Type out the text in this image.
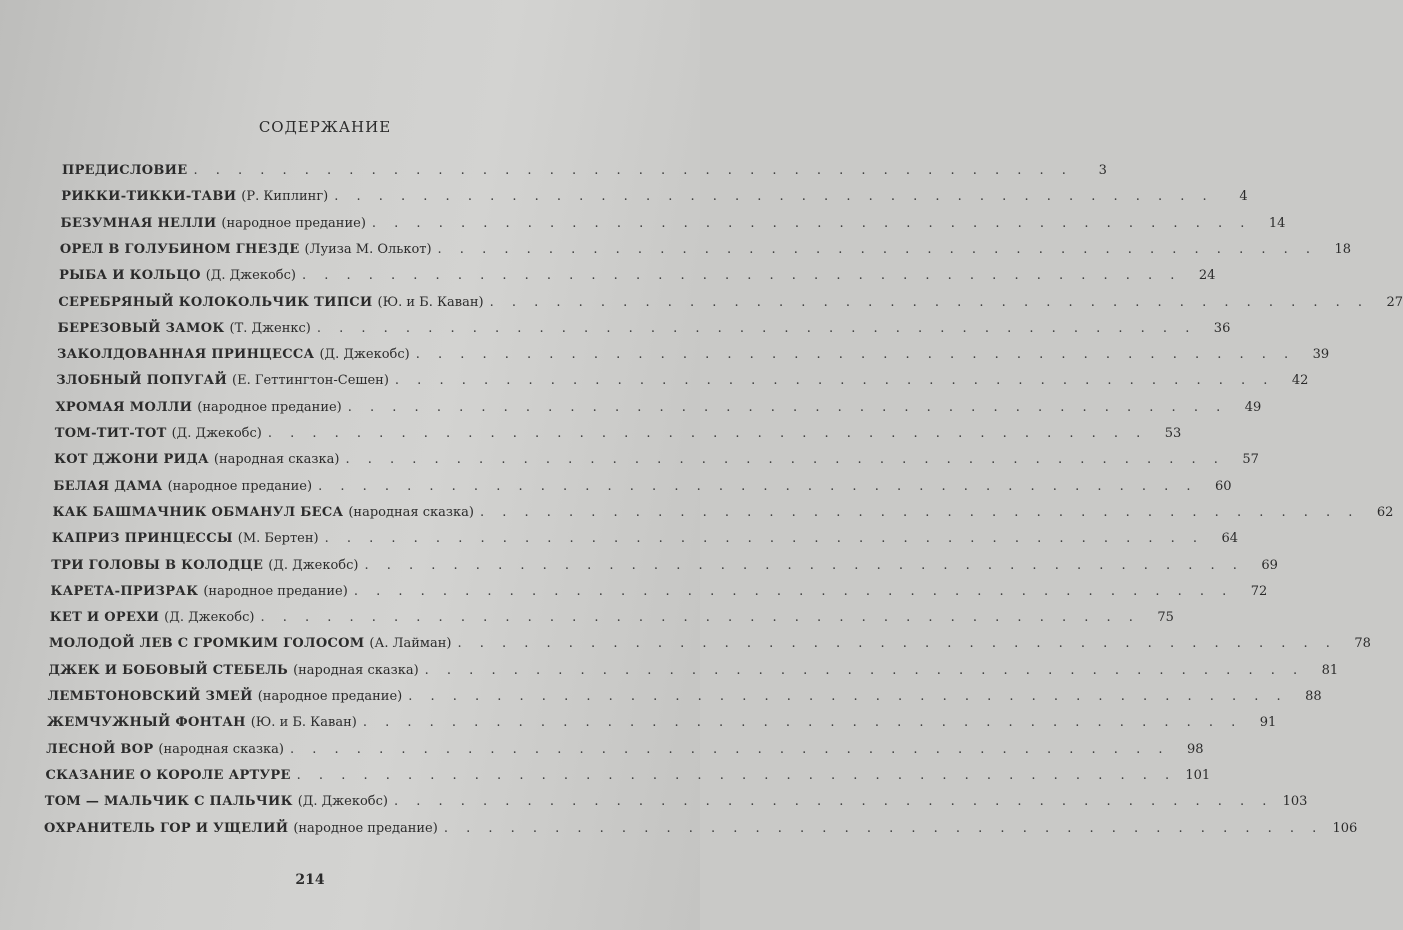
СОДЕРЖАНИЕ
ПРЕДИСЛОВИЕ . . . . . . . . . . . . . . . . . . . . . . . . . . . . . . . . . . . . . . . .	3
РИККИ-ТИККИ-ТАВИ (Р. Киплинг) . . . . . . . . . . . . . . . . . . . . . . . . . . . . . . . . . . . . . . . .	4
БЕЗУМНАЯ НЕЛЛИ (народное предание) . . . . . . . . . . . . . . . . . . . . . . . . . . . . . . . . . . . . . . . .	14
ОРЕЛ В ГОЛУБИНОМ ГНЕЗДЕ (Луиза М. Олькот) . . . . . . . . . . . . . . . . . . . . . . . . . . . . . . . . . . . . . . . .	18
РЫБА И КОЛЬЦО (Д. Джекобс) . . . . . . . . . . . . . . . . . . . . . . . . . . . . . . . . . . . . . . . .	24
СЕРЕБРЯНЫЙ КОЛОКОЛЬЧИК ТИПСИ (Ю. и Б. Каван) . . . . . . . . . . . . . . . . . . . . . . . . . . . . . . . . . . . . . . . .	27
БЕРЕЗОВЫЙ ЗАМОК (Т. Дженкс) . . . . . . . . . . . . . . . . . . . . . . . . . . . . . . . . . . . . . . . .	36
ЗАКОЛДОВАННАЯ ПРИНЦЕССА (Д. Джекобс) . . . . . . . . . . . . . . . . . . . . . . . . . . . . . . . . . . . . . . . .	39
ЗЛОБНЫЙ ПОПУГАЙ (Е. Геттингтон-Сешен) . . . . . . . . . . . . . . . . . . . . . . . . . . . . . . . . . . . . . . . .	42
ХРОМАЯ МОЛЛИ (народное предание) . . . . . . . . . . . . . . . . . . . . . . . . . . . . . . . . . . . . . . . .	49
ТОМ-ТИТ-ТОТ (Д. Джекобс) . . . . . . . . . . . . . . . . . . . . . . . . . . . . . . . . . . . . . . . .	53
КОТ ДЖОНИ РИДА (народная сказка) . . . . . . . . . . . . . . . . . . . . . . . . . . . . . . . . . . . . . . . .	57
БЕЛАЯ ДАМА (народное предание) . . . . . . . . . . . . . . . . . . . . . . . . . . . . . . . . . . . . . . . .	60
КАК БАШМАЧНИК ОБМАНУЛ БЕСА (народная сказка) . . . . . . . . . . . . . . . . . . . . . . . . . . . . . . . . . . . . . . . .	62
КАПРИЗ ПРИНЦЕССЫ (М. Бертен) . . . . . . . . . . . . . . . . . . . . . . . . . . . . . . . . . . . . . . . .	64
ТРИ ГОЛОВЫ В КОЛОДЦЕ (Д. Джекобс) . . . . . . . . . . . . . . . . . . . . . . . . . . . . . . . . . . . . . . . .	69
КАРЕТА-ПРИЗРАК (народное предание) . . . . . . . . . . . . . . . . . . . . . . . . . . . . . . . . . . . . . . . .	72
КЕТ И ОРЕХИ (Д. Джекобс) . . . . . . . . . . . . . . . . . . . . . . . . . . . . . . . . . . . . . . . .	75
МОЛОДОЙ ЛЕВ С ГРОМКИМ ГОЛОСОМ (А. Лайман) . . . . . . . . . . . . . . . . . . . . . . . . . . . . . . . . . . . . . . . .	78
ДЖЕК И БОБОВЫЙ СТЕБЕЛЬ (народная сказка) . . . . . . . . . . . . . . . . . . . . . . . . . . . . . . . . . . . . . . . .	81
ЛЕМБТОНОВСКИЙ ЗМЕЙ (народное предание) . . . . . . . . . . . . . . . . . . . . . . . . . . . . . . . . . . . . . . . .	88
ЖЕМЧУЖНЫЙ ФОНТАН (Ю. и Б. Каван) . . . . . . . . . . . . . . . . . . . . . . . . . . . . . . . . . . . . . . . .	91
ЛЕСНОЙ ВОР (народная сказка) . . . . . . . . . . . . . . . . . . . . . . . . . . . . . . . . . . . . . . . .	98
СКАЗАНИЕ О КОРОЛЕ АРТУРЕ . . . . . . . . . . . . . . . . . . . . . . . . . . . . . . . . . . . . . . . . 101
ТОМ — МАЛЬЧИК С ПАЛЬЧИК (Д. Джекобс) . . . . . . . . . . . . . . . . . . . . . . . . . . . . . . . . . . . . . . . . 103
ОХРАНИТЕЛЬ ГОР И УЩЕЛИЙ (народное предание) . . . . . . . . . . . . . . . . . . . . . . . . . . . . . . . . . . . . . . . . 106
214
